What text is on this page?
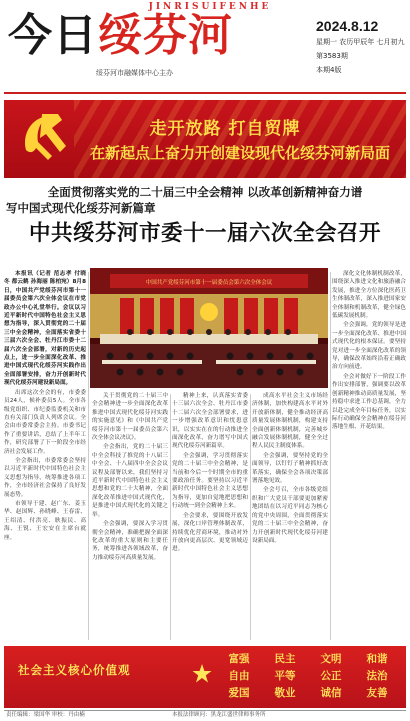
JINRISUIFENHE
今日绥芬河
绥芬河市融媒体中心主办
2024.8.12
星期一 农历甲辰年 七月初九
第3583期
本期4版
走开放路 打自贸牌
在新起点上奋力开创建设现代化绥芬河新局面
全面贯彻落实党的二十届三中全会精神 以改革创新精神奋力谱
写中国式现代化绥芬河新篇章
中共绥芬河市委十一届六次全会召开

本报讯（记者 范志孝 付晓冬 都云鹤 孙海丽 陈柏宛）8月8日，中国共产党绥芬河市第十一届委员会第六次全体会议在市党政办公中心礼堂举行。会议以习近平新时代中国特色社会主义思想为指导，深入贯彻党的二十届三中全会精神，全面落实省委十三届六次全会、牡丹江市委十二届六次全会部署，对新的历史起点上，进一步全面深化改革、推进中国式现代化绥芬河实践作出全面部署安排，奋力开创新时代现代化绥芬河建设新局面。

出席这次全会的有，市委委员24人，候补委员5人。全市各级党组织、市纪委监委机关和市直有关部门负责人列席会议。全会由市委常委会主持。市委书记作了重要讲话，总结了上半年工作，研究部署了下一阶段全市经济社会发展工作。

全会指出，市委常委会坚持以习近平新时代中国特色社会主义思想为指导，统筹推进各项工作，全市经济社会保持了良好发展态势。

市领导于建、赵广东、姜玉华、赵国辉、孙晓峰、王春雷、王绍清、付洪亮、耿振民、高海、王锐、王宏安在主席台就座。

中国共产党绥芬河市第十一届委员会第六次全体会议

关于贯彻党的二十届三中全会精神进一步全面深化改革推进中国式现代化绥芬河实践的实施意见》和《中国共产党绥芬河市第十一届委员会第六次全体会议决议》。

全会指出，党的二十届三中全会科技了推党的十八届三中全会、十八届四中全会会议议程及部署以来，我们坚持习近平新时代中国特色社会主义思想和党的二十大精神，全面深化改革推进中国式现代化，是推进中国式现代化的关键之举。

全会强调，要深入学习贯彻全会精神，准确把握全面深化改革的重大原则和主要任务，统筹推进各领域改革，奋力推动绥芬河高质量发展。

精神上来，认真落实省委十三届六次全会、牡丹江市委十二届六次全会部署要求，进一步增强改革意识和忧患意识，以实实在在的行动推进全面深化改革，奋力谱写中国式现代化绥芬河新篇章。

全会强调，学习贯彻落实党的二十届三中全会精神，是当前和今后一个时期全市的重要政治任务。要坚持以习近平新时代中国特色社会主义思想为指导，更加自觉地把思想和行动统一到全会精神上来。

全会要求，要围绕开放发展，深化口岸管理体制改革，持续优化营商环境，推动对外开放向更高层次、更宽领域迈进。

成高水平社会主义市场经济体制，加快构建高水平对外开放新体制，健全推动经济高质量发展体制机制，构建支持全面创新体制机制，完善城乡融合发展体制机制，健全全过程人民民主制度体系。

全会强调，要坚持党的全面领导，以钉钉子精神抓好改革落实，确保全会各项决策部署落地见效。

全会号召，全市各级党组织和广大党员干部要更加紧密地团结在以习近平同志为核心的党中央周围，全面贯彻落实党的二十届三中全会精神，奋力开创新时代现代化绥芬河建设新局面。

深化文化体制机制改革，围绕深入推进文化和旅游融合发展，推进全方位深化医药卫生体制改革，深入推进国家安全体制和机制改革，健全绿色低碳发展机制。

全会强调，党的领导是进一步全面深化改革、推进中国式现代化的根本保证。要坚持党对进一步全面深化改革的领导，确保改革始终沿着正确政治方向前进。

全会对做好下一阶段工作作出安排部署，强调要以改革创新精神推动高质量发展，坚持稳中求进工作总基调，全力以赴完成全年目标任务，以实际行动确保全会精神在绥芬河落地生根、开花结果。

社会主义核心价值观
富强	民主	文明	和谐
自由	平等	公正	法治
爱国	敬业	诚信	友善
责任编辑：梁国华 审校：丹由楠	本报法律顾问：黑龙江盛世律师事务所
